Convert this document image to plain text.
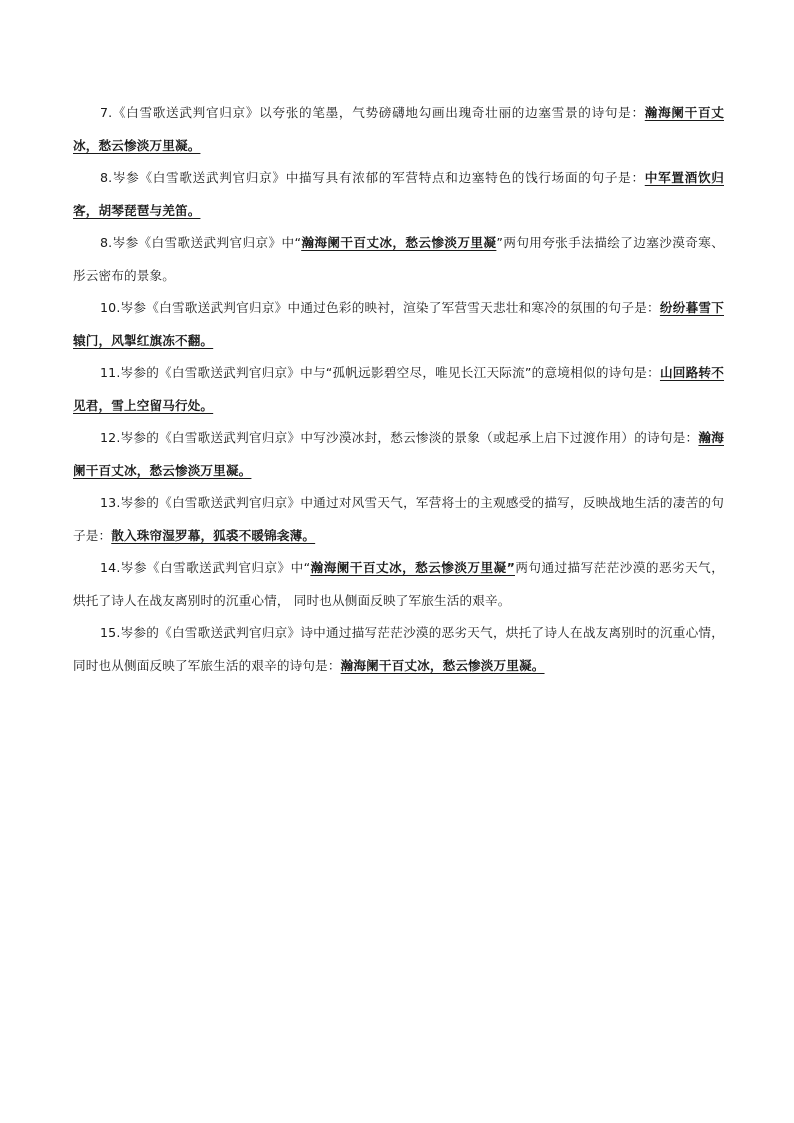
7.《白雪歌送武判官归京》以夸张的笔墨，气势磅礴地勾画出瑰奇壮丽的边塞雪景的诗句是：瀚海阑干百丈冰，愁云惨淡万里凝。

8.岑参《白雪歌送武判官归京》中描写具有浓郁的军营特点和边塞特色的饯行场面的句子是：中军置酒饮归客，胡琴琵琶与羌笛。

8.岑参《白雪歌送武判官归京》中“瀚海阑干百丈冰，愁云惨淡万里凝”两句用夸张手法描绘了边塞沙漠奇寒、 彤云密布的景象。

10.岑参《白雪歌送武判官归京》中通过色彩的映衬，渲染了军营雪天悲壮和寒冷的氛围的句子是：纷纷暮雪下辕门，风掣红旗冻不翻。

11.岑参的《白雪歌送武判官归京》中与“孤帆远影碧空尽，唯见长江天际流”的意境相似的诗句是：山回路转不见君，雪上空留马行处。

12.岑参的《白雪歌送武判官归京》中写沙漠冰封，愁云惨淡的景象（或起承上启下过渡作用）的诗句是：瀚海阑干百丈冰，愁云惨淡万里凝。

13.岑参的《白雪歌送武判官归京》中通过对风雪天气，军营将士的主观感受的描写，反映战地生活的凄苦的句子是：散入珠帘湿罗幕，狐裘不暖锦衾薄。

14.岑参《白雪歌送武判官归京》中“瀚海阑干百丈冰，愁云惨淡万里凝”两句通过描写茫茫沙漠的恶劣天气， 烘托了诗人在战友离别时的沉重心情， 同时也从侧面反映了军旅生活的艰辛。

15.岑参的《白雪歌送武判官归京》诗中通过描写茫茫沙漠的恶劣天气，烘托了诗人在战友离别时的沉重心情，同时也从侧面反映了军旅生活的艰辛的诗句是：瀚海阑干百丈冰，愁云惨淡万里凝。
